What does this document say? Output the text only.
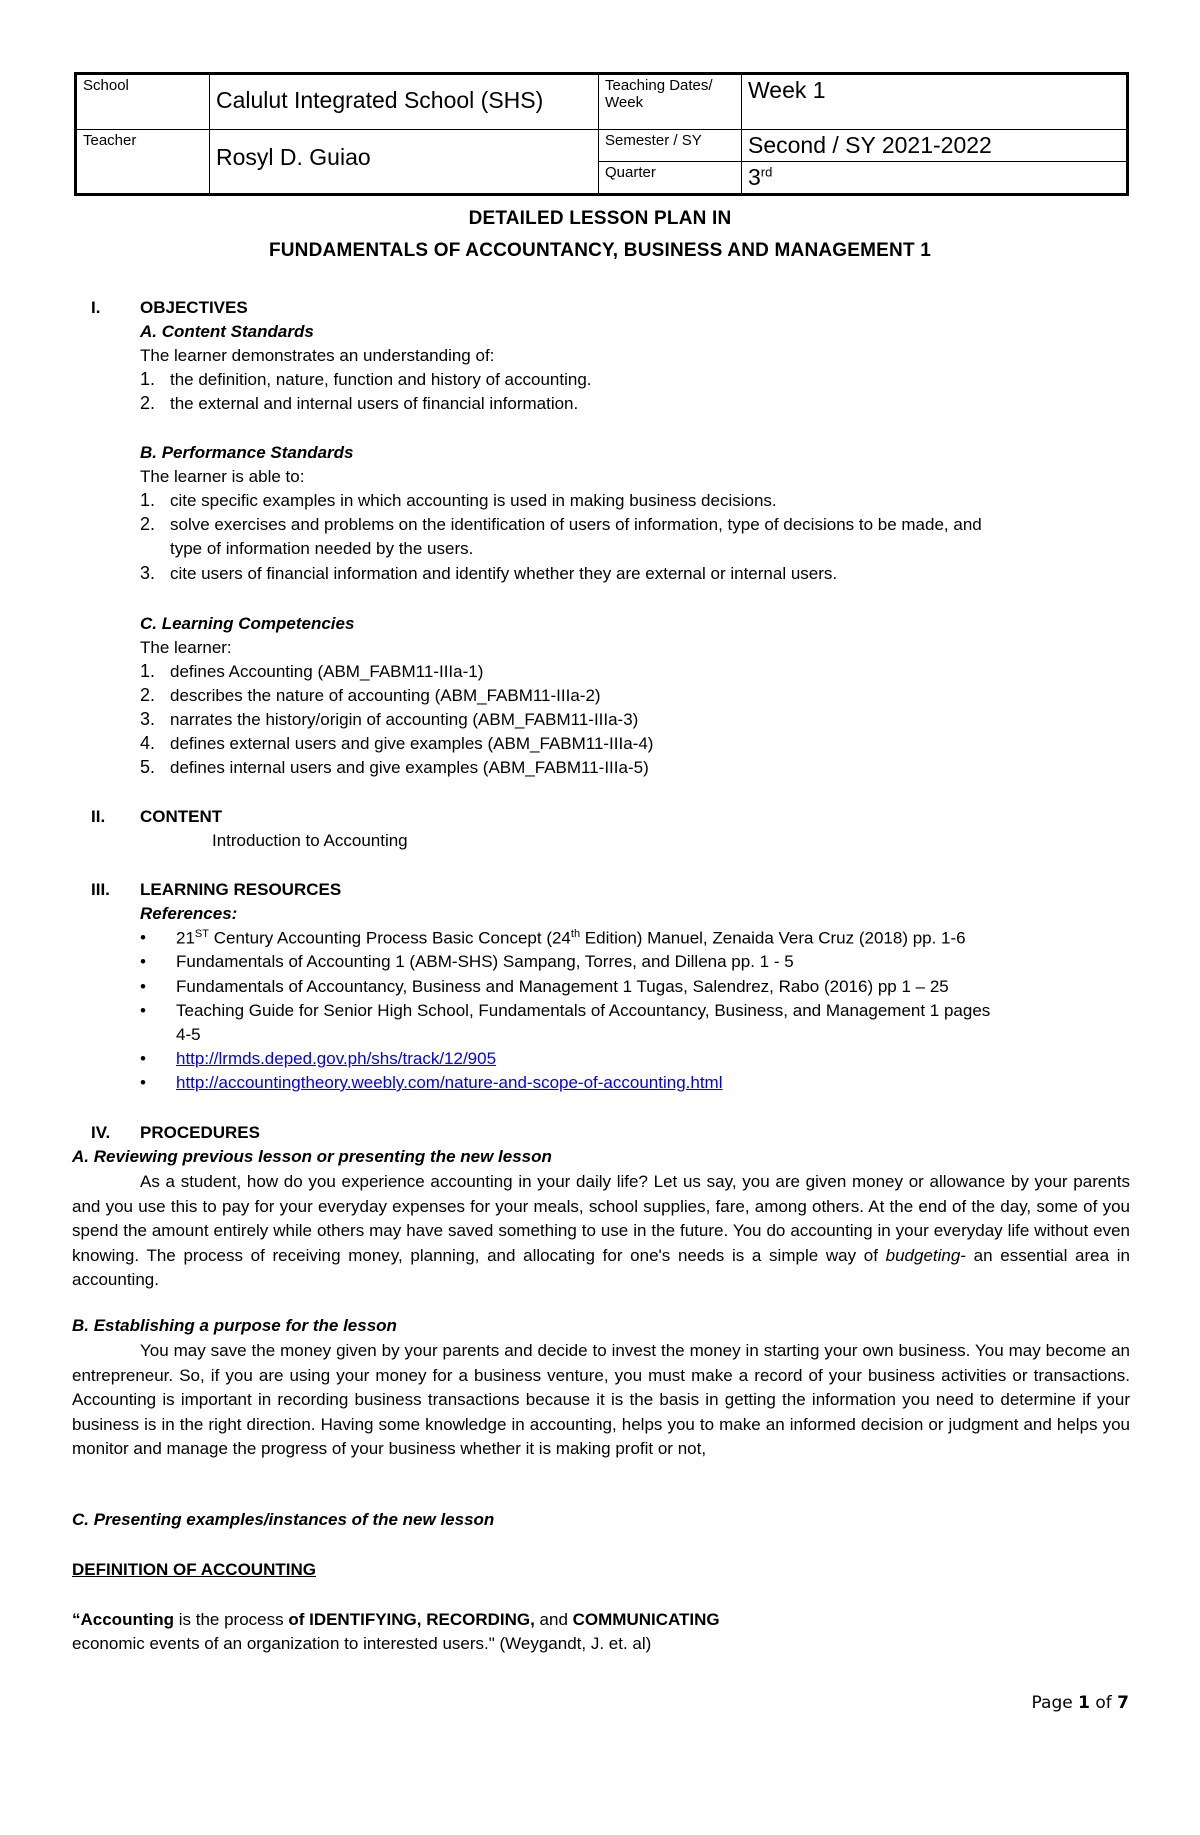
School	Calulut Integrated School (SHS)	Teaching Dates/ Week	Week 1
Teacher	Rosyl D. Guiao	Semester / SY	Second / SY 2021-2022
		Quarter	3rd
DETAILED LESSON PLAN IN
FUNDAMENTALS OF ACCOUNTANCY, BUSINESS AND MANAGEMENT 1
I. OBJECTIVES
A. Content Standards
The learner demonstrates an understanding of:
1. the definition, nature, function and history of accounting.
2. the external and internal users of financial information.
B. Performance Standards
The learner is able to:
1. cite specific examples in which accounting is used in making business decisions.
2. solve exercises and problems on the identification of users of information, type of decisions to be made, and
type of information needed by the users.
3. cite users of financial information and identify whether they are external or internal users.
C. Learning Competencies
The learner:
1. defines Accounting (ABM_FABM11-IIIa-1)
2. describes the nature of accounting (ABM_FABM11-IIIa-2)
3. narrates the history/origin of accounting (ABM_FABM11-IIIa-3)
4. defines external users and give examples (ABM_FABM11-IIIa-4)
5. defines internal users and give examples (ABM_FABM11-IIIa-5)
II. CONTENT
Introduction to Accounting
III. LEARNING RESOURCES
References:
• 21ST Century Accounting Process Basic Concept (24th Edition) Manuel, Zenaida Vera Cruz (2018) pp. 1-6
• Fundamentals of Accounting 1 (ABM-SHS) Sampang, Torres, and Dillena pp. 1 - 5
• Fundamentals of Accountancy, Business and Management 1 Tugas, Salendrez, Rabo (2016) pp 1 – 25
• Teaching Guide for Senior High School, Fundamentals of Accountancy, Business, and Management 1 pages
4-5
• http://lrmds.deped.gov.ph/shs/track/12/905
• http://accountingtheory.weebly.com/nature-and-scope-of-accounting.html
IV. PROCEDURES
A. Reviewing previous lesson or presenting the new lesson
As a student, how do you experience accounting in your daily life? Let us say, you are given money or allowance by your parents and you use this to pay for your everyday expenses for your meals, school supplies, fare, among others. At the end of the day, some of you spend the amount entirely while others may have saved something to use in the future. You do accounting in your everyday life without even knowing. The process of receiving money, planning, and allocating for one's needs is a simple way of budgeting- an essential area in accounting.
B. Establishing a purpose for the lesson
You may save the money given by your parents and decide to invest the money in starting your own business. You may become an entrepreneur. So, if you are using your money for a business venture, you must make a record of your business activities or transactions. Accounting is important in recording business transactions because it is the basis in getting the information you need to determine if your business is in the right direction. Having some knowledge in accounting, helps you to make an informed decision or judgment and helps you monitor and manage the progress of your business whether it is making profit or not,
C. Presenting examples/instances of the new lesson
DEFINITION OF ACCOUNTING
“Accounting is the process of IDENTIFYING, RECORDING, and COMMUNICATING
economic events of an organization to interested users." (Weygandt, J. et. al)
Page 1 of 7
